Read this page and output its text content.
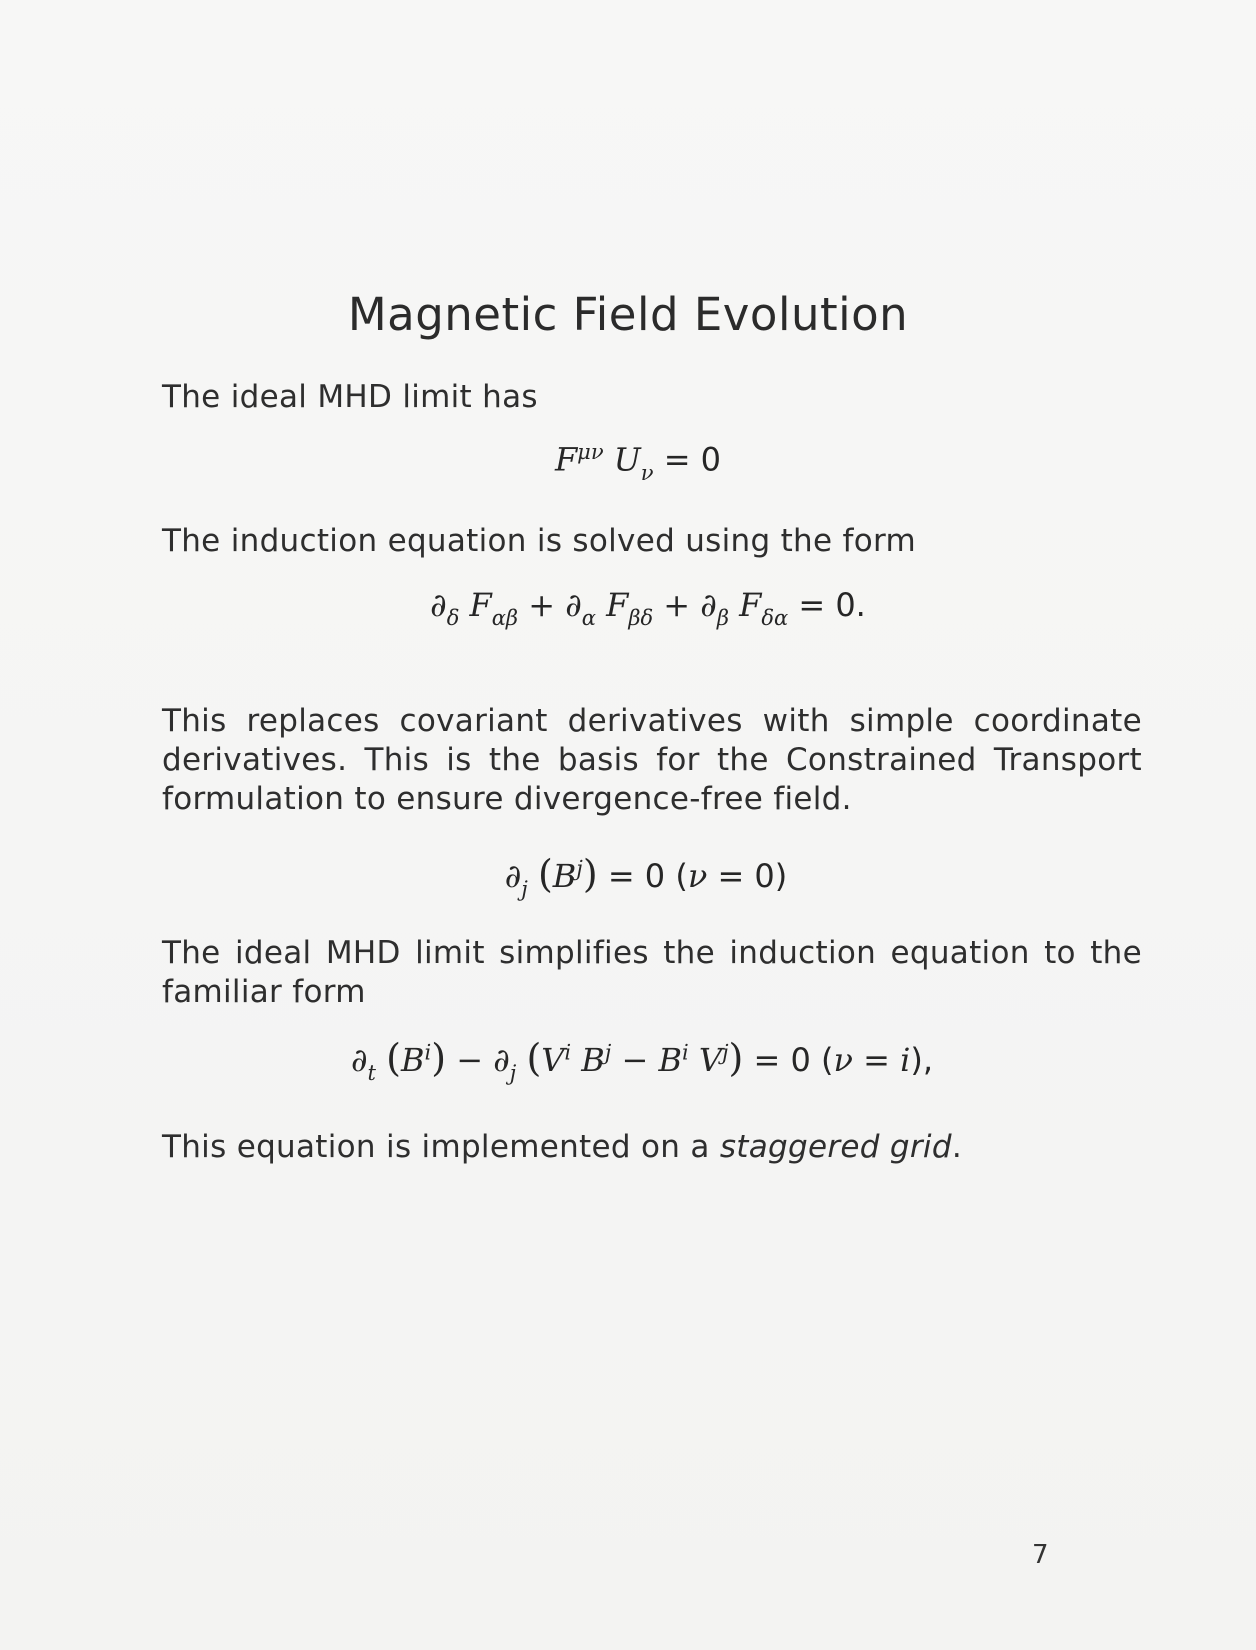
Magnetic Field Evolution
The ideal MHD limit has
$F^{\mu\nu}$ $U_\nu = 0$
The induction equation is solved using the form
$\partial_\delta$ $F_{\alpha\beta} + \partial_\alpha$ $F_{\beta\delta} + \partial_\beta$ $F_{\delta\alpha} = 0$.
This replaces covariant derivatives with simple coordinate derivatives. This is the basis for the Constrained Transport formulation to ensure divergence-free field.
$\partial_j$ $(B^j) = 0$ (ν = 0)
The ideal MHD limit simplifies the induction equation to the familiar form
$\partial_t$ $(B^i) - \partial_j$ ($V^i$ $B^j - B^i$ $V^j) = 0$ (ν = i),
This equation is implemented on a staggered grid.
7
